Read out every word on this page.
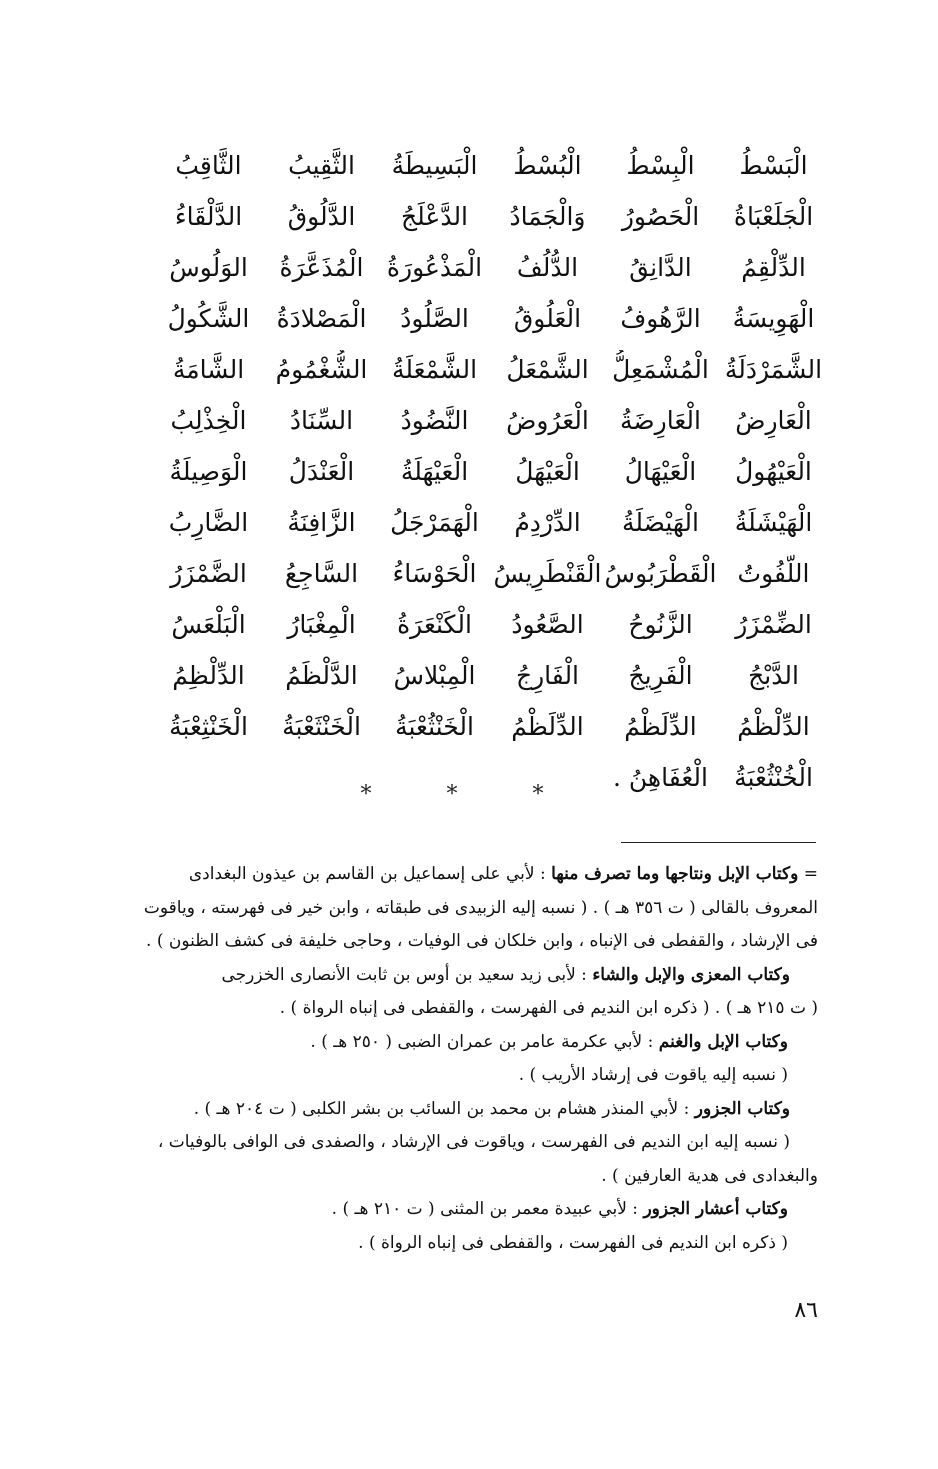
الْبَسْطُ
الْبِسْطُ
الْبُسْطُ
الْبَسِيطَةُ
الثَّقِيبُ
الثَّاقِبُ
الْجَلَعْبَاةُ
الْحَصُورُ
وَالْجَمَادُ
الدَّعْلَجُ
الدَّلُوقُ
الدَّلْقَاءُ
الدِّلْقِمُ
الدَّانِقُ
الدُّلُفُ
الْمَذْعُورَةُ
الْمُذَعَّرَةُ
الوَلُوسُ
الْهَوِيسَةُ
الرَّهُوفُ
الْعَلُوقُ
الصَّلُودُ
الْمَصْلادَةُ
الشَّكُولُ
الشَّمَرْدَلَةُ
الْمُشْمَعِلُّ
الشَّمْعَلُ
الشَّمْعَلَةُ
الشُّغْمُومُ
الشَّامَةُ
الْعَارِضُ
الْعَارِضَةُ
الْعَرُوضُ
النَّضُودُ
السِّنَادُ
الْخِذْلِبُ
الْعَيْهُولُ
الْعَيْهَالُ
الْعَيْهَلُ
الْعَيْهَلَةُ
الْعَنْدَلُ
الْوَصِيلَةُ
الْهَيْشَلَةُ
الْهَيْضَلَةُ
الدِّرْدِمُ
الْهَمَرْجَلُ
الزَّافِنَةُ
الضَّارِبُ
اللَّفُوتُ
الْقَطْرَبُوسُ
الْقَنْطَرِيسُ
الْحَوْسَاءُ
السَّاجِعُ
الضَّمْزَرُ
الضِّمْزَرُ
الزَّنُوحُ
الصَّعُودُ
الْكَنْعَرَةُ
الْمِغْبَارُ
الْبَلْعَسُ
الدَّبْجُ
الْفَرِيجُ
الْفَارِجُ
الْمِبْلاسُ
الدَّلْظَمُ
الدِّلْظِمُ
الدِّلْظْمُ
الدِّلَظْمُ
الدِّلَظْمُ
الْخَنْثُعْبَةُ
الْخَنْثَعْبَةُ
الْخَنْثِعْبَةُ
الْخُنْثُعْبَةُ
الْعُفَاهِنُ .
* * *
= وكتاب الإبل ونتاجها وما تصرف منها : لأبي على إسماعيل بن القاسم بن عيذون البغدادى
المعروف بالقالى ( ت ٣٥٦ هـ ) . ( نسبه إليه الزبيدى فى طبقاته ، وابن خير فى فهرسته ، وياقوت
فى الإرشاد ، والقفطى فى الإنباه ، وابن خلكان فى الوفيات ، وحاجى خليفة فى كشف الظنون ) .
وكتاب المعزى والإبل والشاء : لأبى زيد سعيد بن أوس بن ثابت الأنصارى الخزرجى
( ت ٢١٥ هـ ) . ( ذكره ابن النديم فى الفهرست ، والقفطى فى إنباه الرواة ) .
وكتاب الإبل والغنم : لأبي عكرمة عامر بن عمران الضبى ( ٢٥٠ هـ ) .
( نسبه إليه ياقوت فى إرشاد الأريب ) .
وكتاب الجزور : لأبي المنذر هشام بن محمد بن السائب بن بشر الكلبى ( ت ٢٠٤ هـ ) .
( نسبه إليه ابن النديم فى الفهرست ، وياقوت فى الإرشاد ، والصفدى فى الوافى بالوفيات ،
والبغدادى فى هدية العارفين ) .
وكتاب أعشار الجزور : لأبي عبيدة معمر بن المثنى ( ت ٢١٠ هـ ) .
( ذكره ابن النديم فى الفهرست ، والقفطى فى إنباه الرواة ) .
٨٦
